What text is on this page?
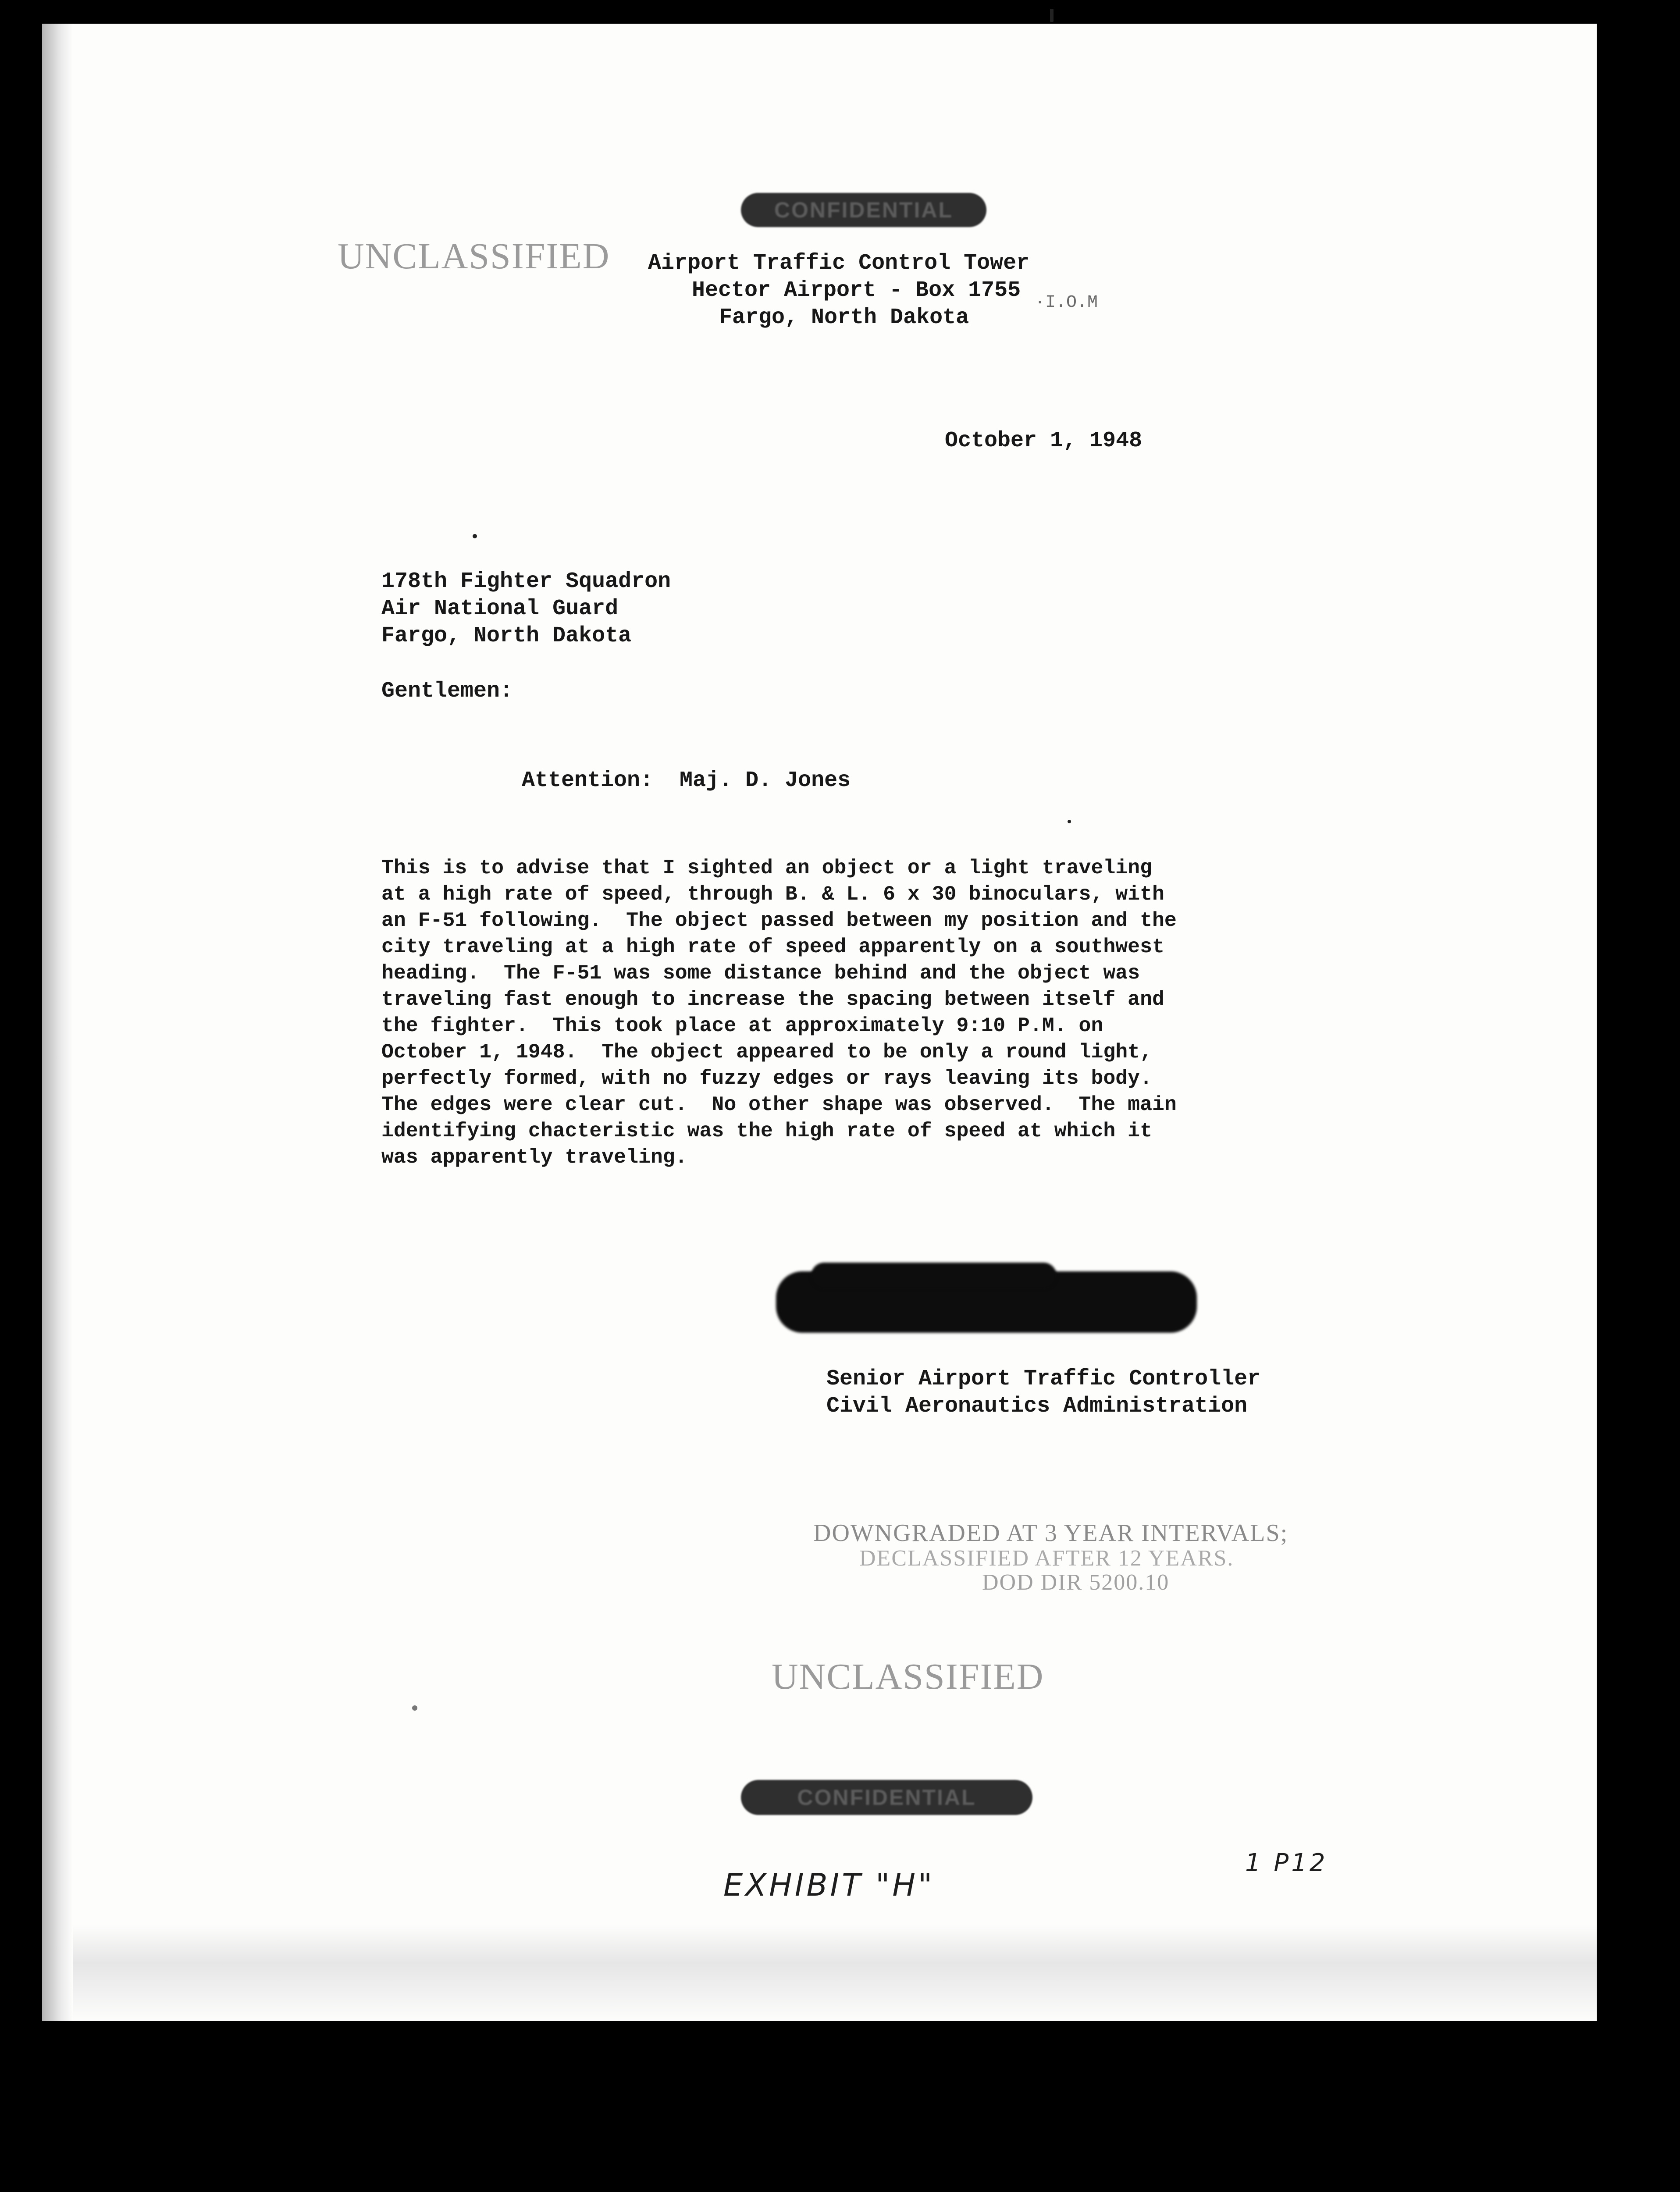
CONFIDENTIAL
UNCLASSIFIED Airport Traffic Control Tower
Hector Airport - Box 1755 ·I.O.M
Fargo, North Dakota
October 1, 1948
178th Fighter Squadron
Air National Guard
Fargo, North Dakota
Gentlemen:
Attention:  Maj. D. Jones
This is to advise that I sighted an object or a light traveling
at a high rate of speed, through B. & L. 6 x 30 binoculars, with
an F-51 following.  The object passed between my position and the
city traveling at a high rate of speed apparently on a southwest
heading.  The F-51 was some distance behind and the object was
traveling fast enough to increase the spacing between itself and
the fighter.  This took place at approximately 9:10 P.M. on
October 1, 1948.  The object appeared to be only a round light,
perfectly formed, with no fuzzy edges or rays leaving its body.
The edges were clear cut.  No other shape was observed.  The main
identifying chacteristic was the high rate of speed at which it
was apparently traveling.
Senior Airport Traffic Controller
Civil Aeronautics Administration
DOWNGRADED AT 3 YEAR INTERVALS;
DECLASSIFIED AFTER 12 YEARS.
DOD DIR 5200.10
UNCLASSIFIED
CONFIDENTIAL
EXHIBIT "H"
1 P12
